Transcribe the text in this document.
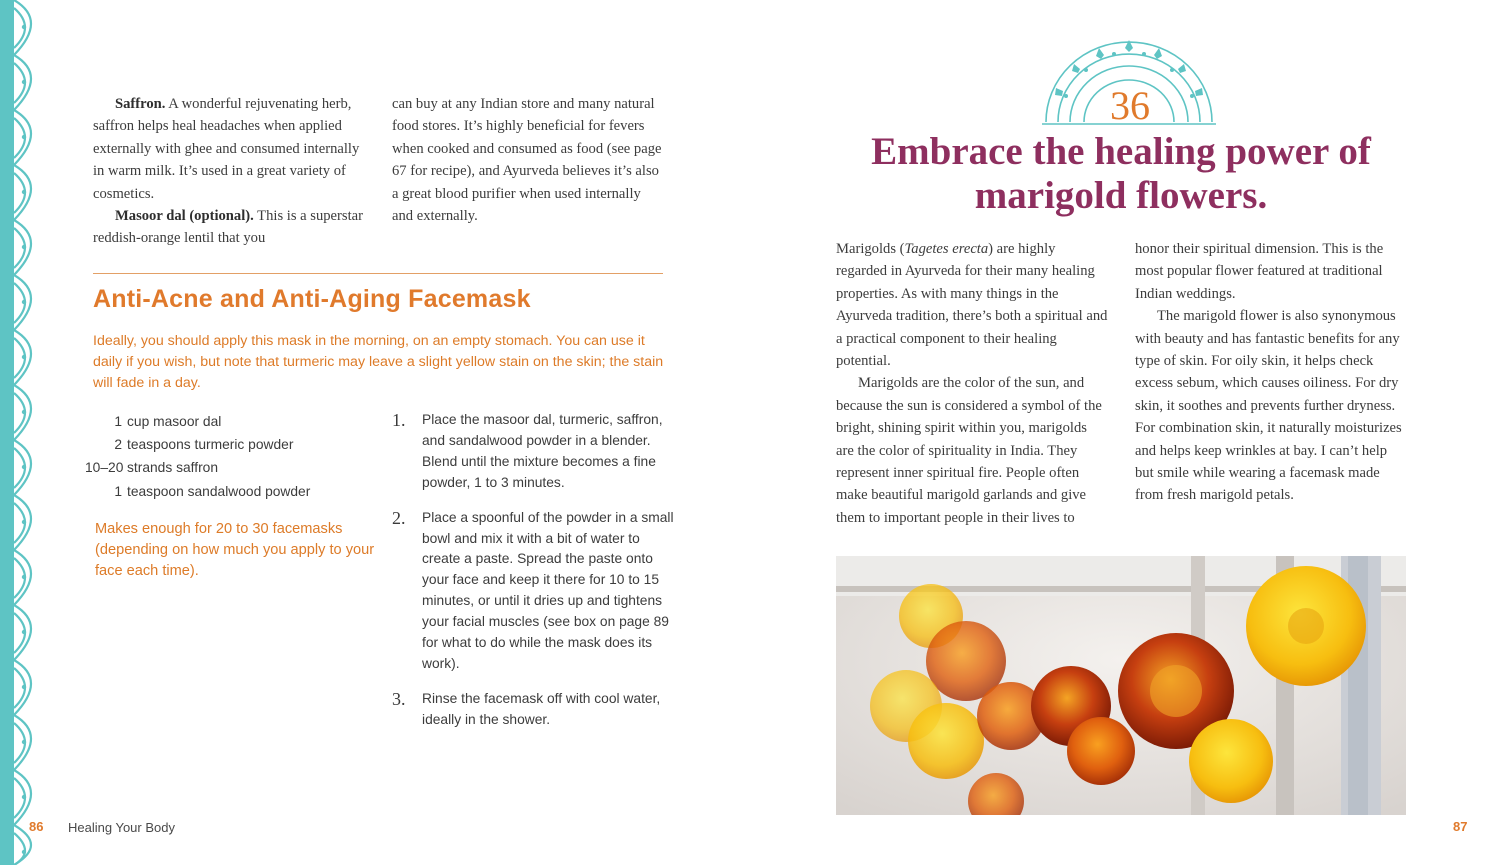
Saffron. A wonderful rejuvenating herb, saffron helps heal headaches when applied externally with ghee and consumed internally in warm milk. It’s used in a great variety of cosmetics.

Masoor dal (optional). This is a superstar reddish-orange lentil that you

can buy at any Indian store and many natural food stores. It’s highly beneficial for fevers when cooked and consumed as food (see page 67 for recipe), and Ayurveda believes it’s also a great blood purifier when used internally and externally.

Anti-Acne and Anti-Aging Facemask

Ideally, you should apply this mask in the morning, on an empty stomach. You can use it daily if you wish, but note that turmeric may leave a slight yellow stain on the skin; the stain will fade in a day.

1 cup masoor dal
2 teaspoons turmeric powder
10–20 strands saffron
1 teaspoon sandalwood powder

Makes enough for 20 to 30 facemasks (depending on how much you apply to your face each time).

1.	Place the masoor dal, turmeric, saffron, and sandalwood powder in a blender. Blend until the mixture becomes a fine powder, 1 to 3 minutes.
2.	Place a spoonful of the powder in a small bowl and mix it with a bit of water to create a paste. Spread the paste onto your face and keep it there for 10 to 15 minutes, or until it dries up and tightens your facial muscles (see box on page 89 for what to do while the mask does its work).
3.	Rinse the facemask off with cool water, ideally in the shower.
86 Healing Your Body
36
Embrace the healing power of marigold flowers.

Marigolds (Tagetes erecta) are highly regarded in Ayurveda for their many healing properties. As with many things in the Ayurveda tradition, there’s both a spiritual and a practical component to their healing potential.

Marigolds are the color of the sun, and because the sun is considered a symbol of the bright, shining spirit within you, marigolds are the color of spirituality in India. They represent inner spiritual fire. People often make beautiful marigold garlands and give them to important people in their lives to

honor their spiritual dimension. This is the most popular flower featured at traditional Indian weddings.

The marigold flower is also synonymous with beauty and has fantastic benefits for any type of skin. For oily skin, it helps check excess sebum, which causes oiliness. For dry skin, it soothes and prevents further dryness. For combination skin, it naturally moisturizes and helps keep wrinkles at bay. I can’t help but smile while wearing a facemask made from fresh marigold petals.

87
